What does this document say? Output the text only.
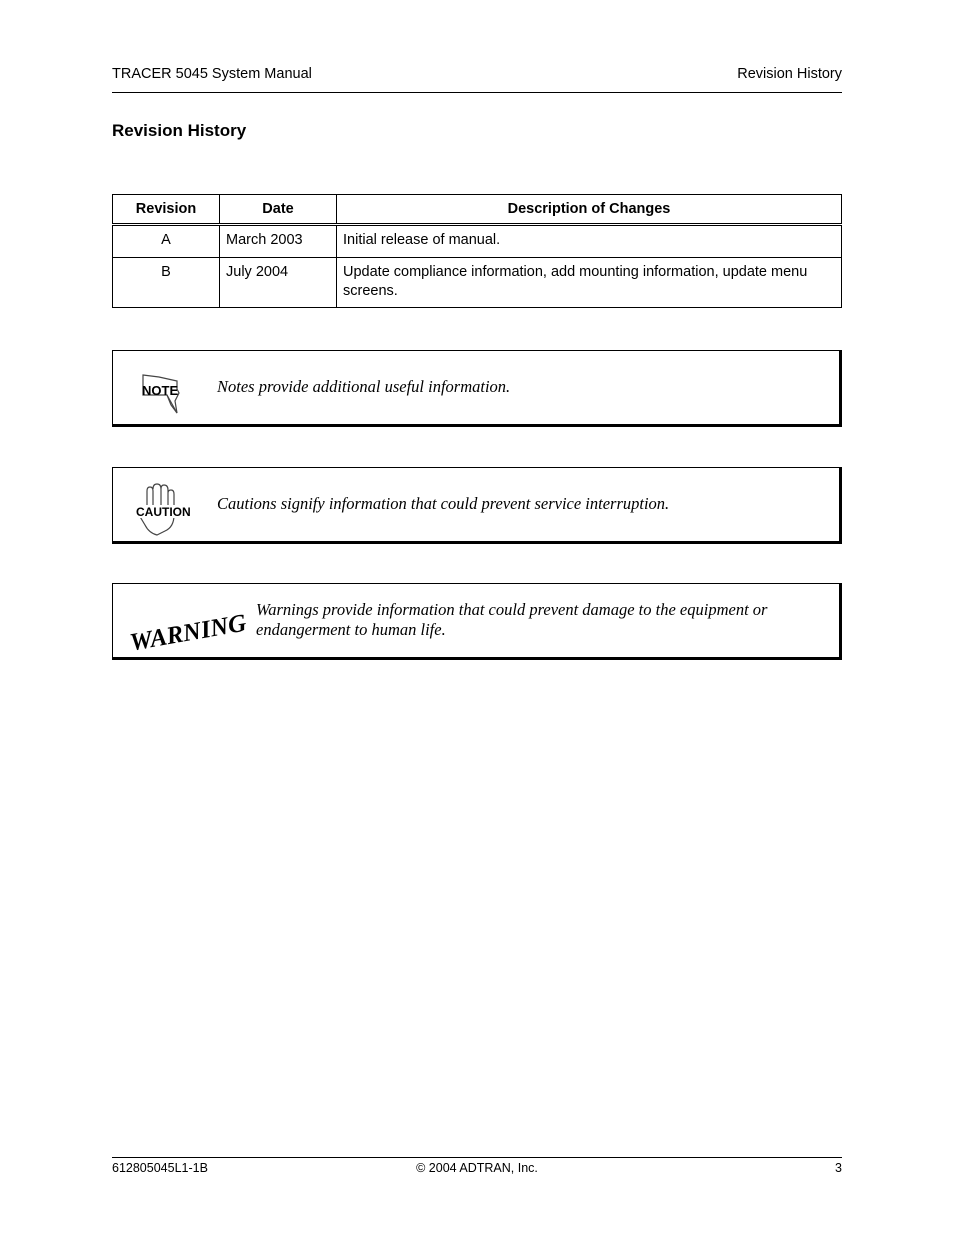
TRACER 5045 System Manual	Revision History
Revision History
Revision	Date	Description of Changes
A	March 2003	Initial release of manual.
B	July 2004	Update compliance information, add mounting information, update menu screens.
NOTE Notes provide additional useful information.
CAUTION Cautions signify information that could prevent service interruption.
WARNING
Warnings provide information that could prevent damage to the equipment or endangerment to human life.
612805045L1-1B	© 2004 ADTRAN, Inc.	3
